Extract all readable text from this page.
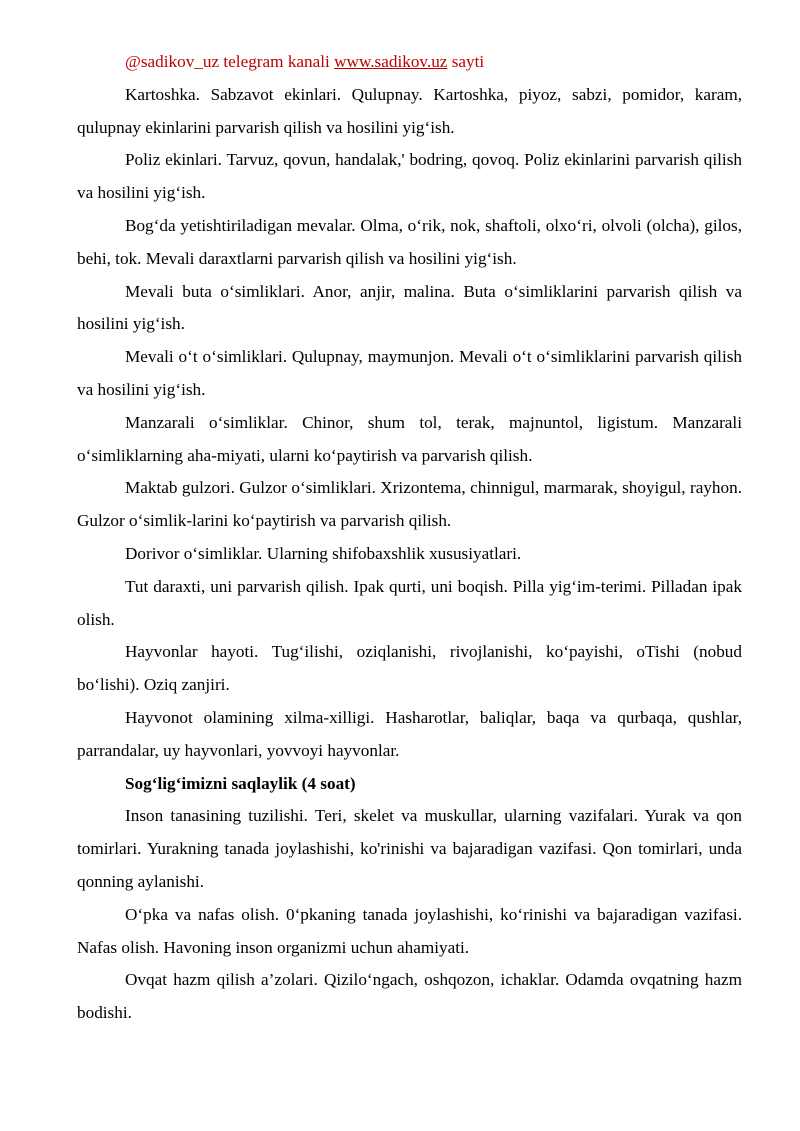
@sadikov_uz telegram kanali www.sadikov.uz sayti

Kartoshka. Sabzavot ekinlari. Qulupnay. Kartoshka, piyoz, sabzi, pomidor, karam, qulupnay ekinlarini parvarish qilish va hosilini yig‘ish.

Poliz ekinlari. Tarvuz, qovun, handalak,' bodring, qovoq. Poliz ekinlarini parvarish qilish va hosilini yig‘ish.

Bog‘da yetishtiriladigan mevalar. Olma, o‘rik, nok, shaftoli, olxo‘ri, olvoli (olcha), gilos, behi, tok. Mevali daraxtlarni parvarish qilish va hosilini yig‘ish.

Mevali buta o‘simliklari. Anor, anjir, malina. Buta o‘simliklarini parvarish qilish va hosilini yig‘ish.

Mevali o‘t o‘simliklari. Qulupnay, maymunjon. Mevali o‘t o‘simliklarini parvarish qilish va hosilini yig‘ish.

Manzarali o‘simliklar. Chinor, shum tol, terak, majnuntol, ligistum. Manzarali o‘simliklarning aha-miyati, ularni ko‘paytirish va parvarish qilish.

Maktab gulzori. Gulzor o‘simliklari. Xrizontema, chinnigul, marmarak, shoyigul, rayhon. Gulzor o‘simlik-larini ko‘paytirish va parvarish qilish.

Dorivor o‘simliklar. Ularning shifobaxshlik xususiyatlari.

Tut daraxti, uni parvarish qilish. Ipak qurti, uni boqish. Pilla yig‘im-terimi. Pilladan ipak olish.

Hayvonlar hayoti. Tug‘ilishi, oziqlanishi, rivojlanishi, ko‘payishi, oTishi (nobud bo‘lishi). Oziq zanjiri.

Hayvonot olamining xilma-xilligi. Hasharotlar, baliqlar, baqa va qurbaqa, qushlar, parrandalar, uy hayvonlari, yovvoyi hayvonlar.

Sog‘lig‘imizni saqlaylik (4 soat)

Inson tanasining tuzilishi. Teri, skelet va muskullar, ularning vazifalari. Yurak va qon tomirlari. Yurakning tanada joylashishi, ko'rinishi va bajaradigan vazifasi. Qon tomirlari, unda qonning aylanishi.

O‘pka va nafas olish. 0‘pkaning tanada joylashishi, ko‘rinishi va bajaradigan vazifasi. Nafas olish. Havoning inson organizmi uchun ahamiyati.

Ovqat hazm qilish a’zolari. Qizilo‘ngach, oshqozon, ichaklar. Odamda ovqatning hazm bodishi.
